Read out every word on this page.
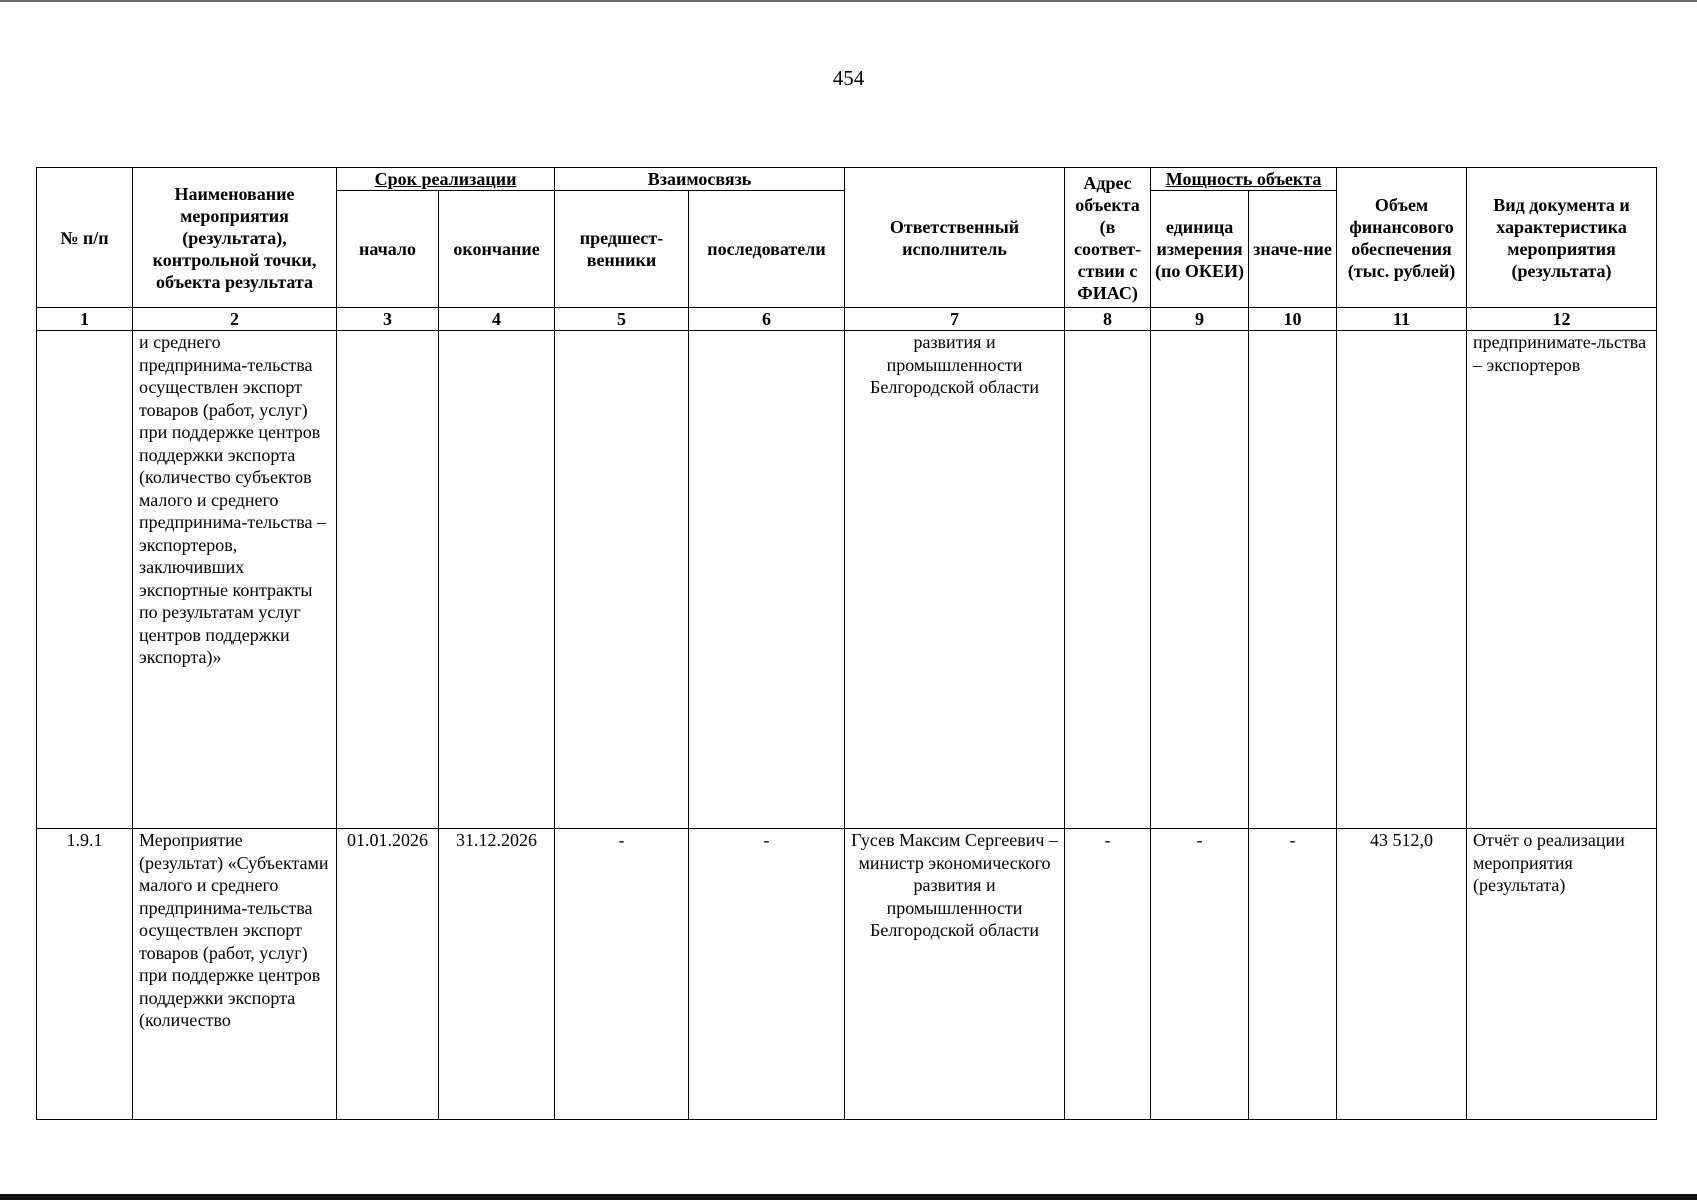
454
№ п/п	Наименование мероприятия (результата), контрольной точки, объекта результата	Срок реализации		Взаимосвязь		Ответственный исполнитель	Адрес объекта (в соответ-ствии с ФИАС)	Мощность объекта		Объем финансового обеспечения (тыс. рублей)	Вид документа и характеристика мероприятия (результата)
		начало	окончание	предшест-венники	последователи			единица измерения (по ОКЕИ)	значе-ние		
1	2	3	4	5	6	7	8	9	10	11	12
	и среднего предпринима-тельства осуществлен экспорт товаров (работ, услуг) при поддержке центров поддержки экспорта (количество субъектов малого и среднего предпринима-тельства – экспортеров, заключивших экспортные контракты по результатам услуг центров поддержки экспорта)»					развития и промышленности Белгородской области					предпринимате-льства – экспортеров
1.9.1	Мероприятие (результат) «Субъектами малого и среднего предпринима-тельства осуществлен экспорт товаров (работ, услуг) при поддержке центров поддержки экспорта (количество	01.01.2026	31.12.2026	-	-	Гусев Максим Сергеевич – министр экономического развития и промышленности Белгородской области	-	-	-	43 512,0	Отчёт о реализации мероприятия (результата)
